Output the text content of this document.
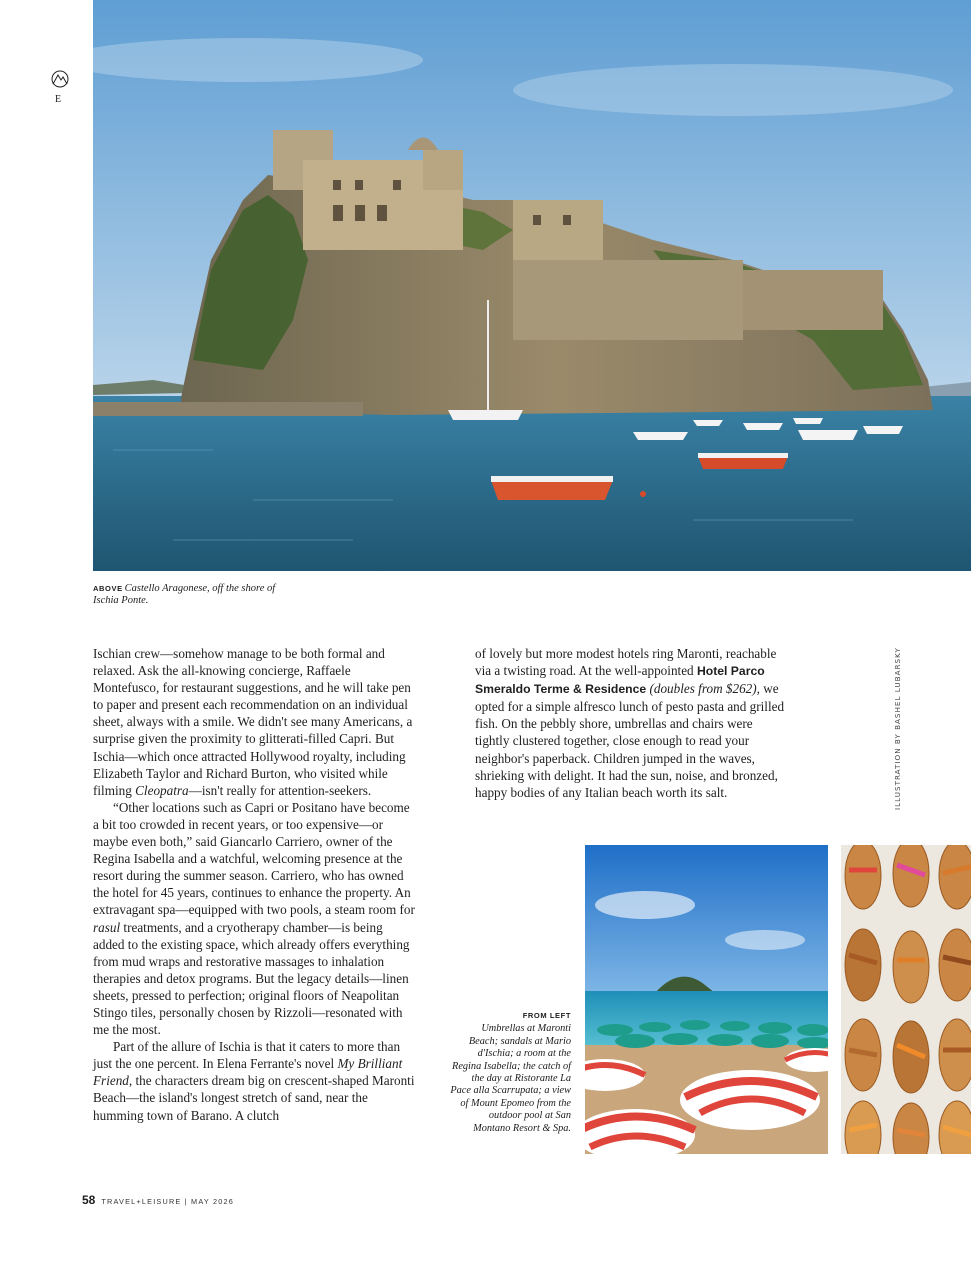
E
ABOVE Castello Aragonese, off the shore of Ischia Ponte.

Ischian crew—somehow manage to be both formal and relaxed. Ask the all-knowing concierge, Raffaele Montefusco, for restaurant suggestions, and he will take pen to paper and present each recommendation on an individual sheet, always with a smile. We didn't see many Americans, a surprise given the proximity to glitterati-filled Capri. But Ischia—which once attracted Hollywood royalty, including Elizabeth Taylor and Richard Burton, who visited while filming Cleopatra—isn't really for attention-seekers.

“Other locations such as Capri or Positano have become a bit too crowded in recent years, or too expensive—or maybe even both,” said Giancarlo Carriero, owner of the Regina Isabella and a watchful, welcoming presence at the resort during the summer season. Carriero, who has owned the hotel for 45 years, continues to enhance the property. An extravagant spa—equipped with two pools, a steam room for rasul treatments, and a cryotherapy chamber—is being added to the existing space, which already offers everything from mud wraps and restorative massages to inhalation therapies and detox programs. But the legacy details—linen sheets, pressed to perfection; original floors of Neapolitan Stingo tiles, personally chosen by Rizzoli—resonated with me the most.

Part of the allure of Ischia is that it caters to more than just the one percent. In Elena Ferrante's novel My Brilliant Friend, the characters dream big on crescent-shaped Maronti Beach—the island's longest stretch of sand, near the humming town of Barano. A clutch

of lovely but more modest hotels ring Maronti, reachable via a twisting road. At the well-appointed Hotel Parco Smeraldo Terme & Residence (doubles from $262), we opted for a simple alfresco lunch of pesto pasta and grilled fish. On the pebbly shore, umbrellas and chairs were tightly clustered together, close enough to read your neighbor's paperback. Children jumped in the waves, shrieking with delight. It had the sun, noise, and bronzed, happy bodies of any Italian beach worth its salt.	ILLUSTRATION BY BASHEL LUBARSKY
FROM LEFT
Umbrellas at Maronti Beach; sandals at Mario d'Ischia; a room at the Regina Isabella; the catch of the day at Ristorante La Pace alla Scarrupata; a view of Mount Epomeo from the outdoor pool at San Montano Resort & Spa.
58 TRAVEL+LEISURE | MAY 2026
